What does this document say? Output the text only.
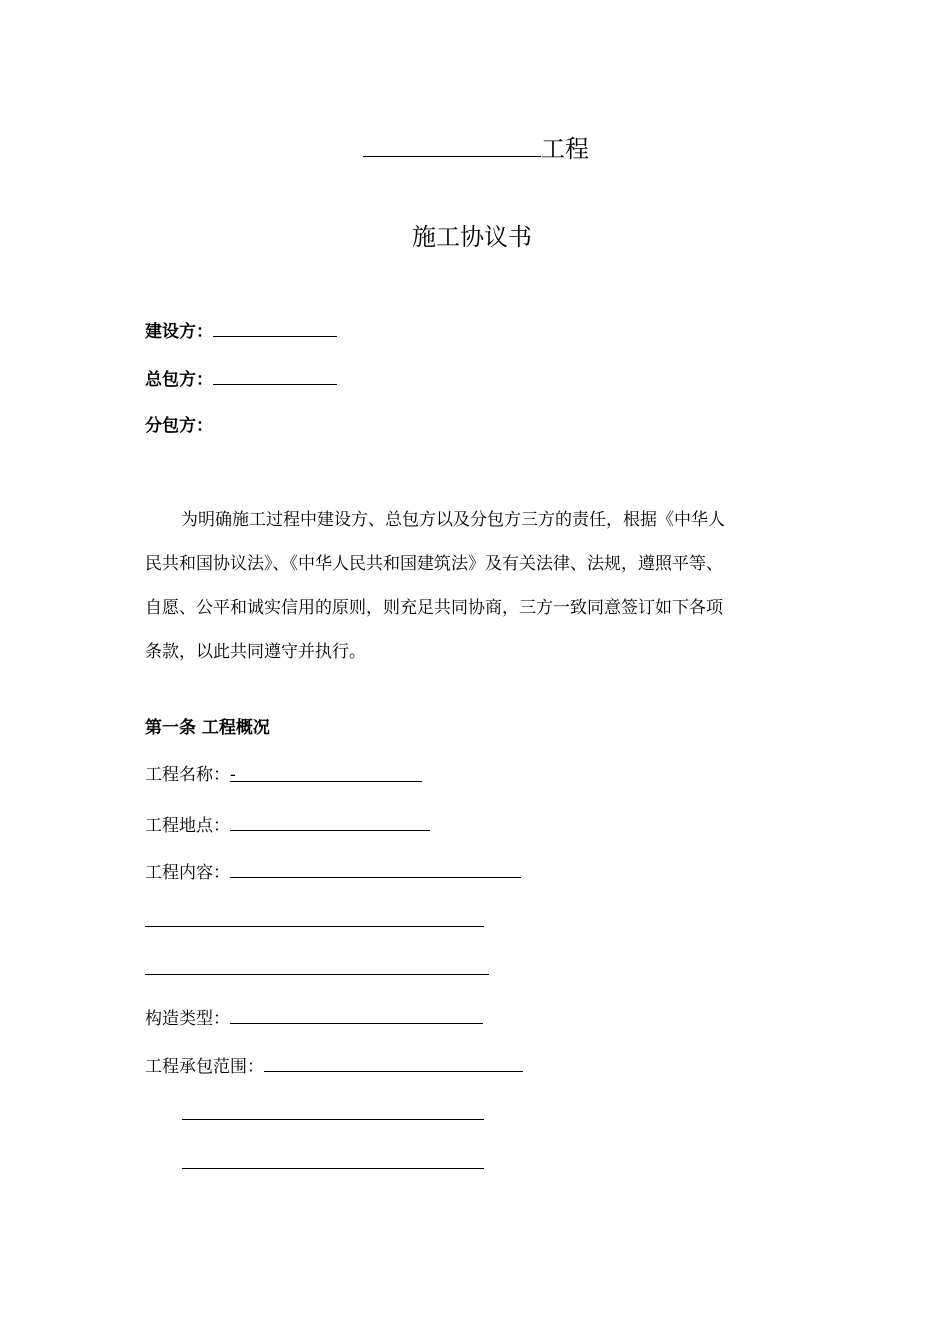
工程
施工协议书
建设方：
总包方：
分包方：
为明确施工过程中建设方、总包方以及分包方三方的责任，根据《中华人
民共和国协议法》、《中华人民共和国建筑法》及有关法律、法规，遵照平等、
自愿、公平和诚实信用的原则，则充足共同协商，三方一致同意签订如下各项
条款，以此共同遵守并执行。
第一条 工程概况
工程名称：-
工程地点：
工程内容：
构造类型：
工程承包范围：
